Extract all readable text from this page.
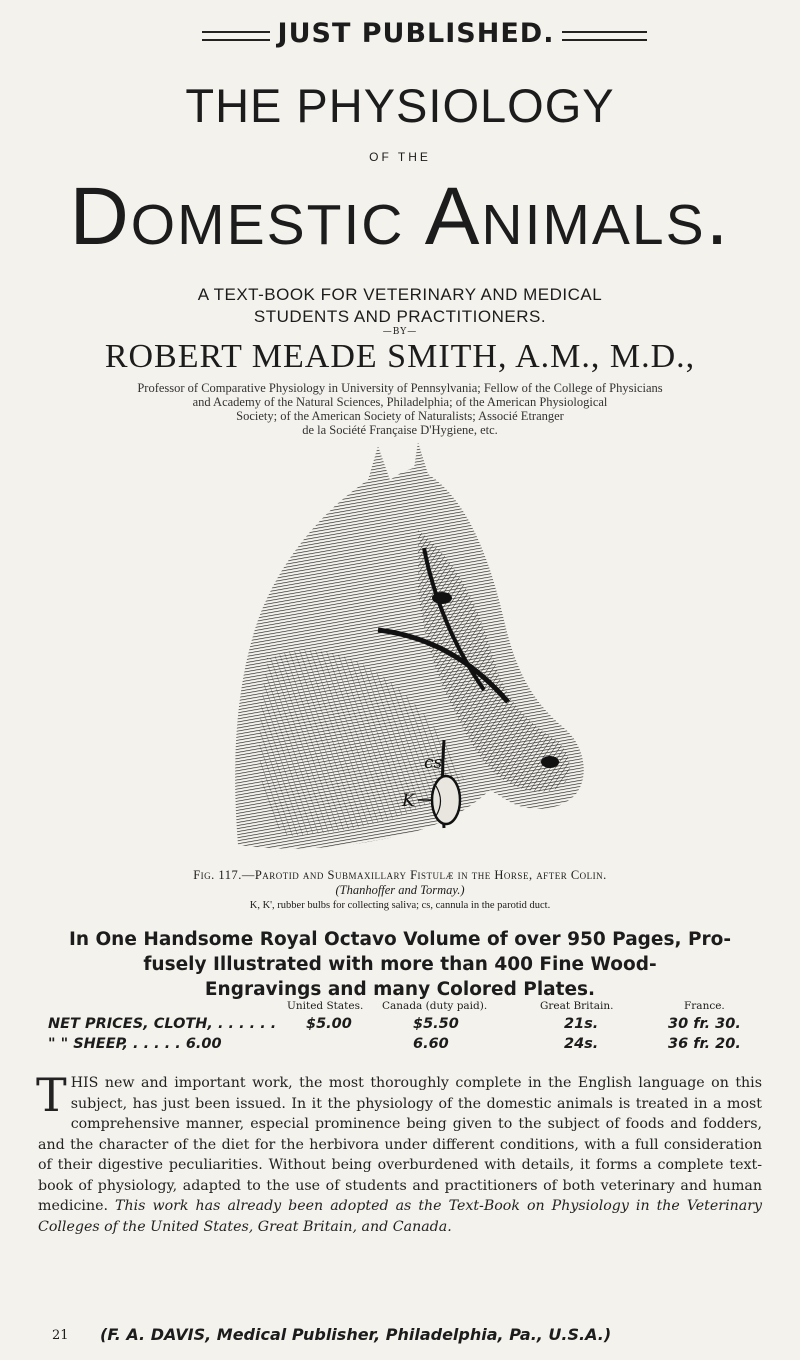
JUST PUBLISHED.
THE PHYSIOLOGY
OF THE
Domestic Animals.
A TEXT-BOOK FOR VETERINARY AND MEDICAL
STUDENTS AND PRACTITIONERS.
—BY—
ROBERT MEADE SMITH, A.M., M.D.,
Professor of Comparative Physiology in University of Pennsylvania; Fellow of the College of Physicians
and Academy of the Natural Sciences, Philadelphia; of the American Physiological
Society; of the American Society of Naturalists; Associé Etranger
de la Société Française D'Hygiene, etc.
cs
K
Fig. 117.—Parotid and Submaxillary Fistulæ in the Horse, after Colin.
(Thanhoffer and Tormay.)
K, K', rubber bulbs for collecting saliva; cs, cannula in the parotid duct.
In One Handsome Royal Octavo Volume of over 950 Pages, Pro-
fusely Illustrated with more than 400 Fine Wood-
Engravings and many Colored Plates.
United States. Canada (duty paid).	Great Britain.	France.
NET PRICES, CLOTH, . . . . . . $5.00	$5.50	21s.	30 fr. 30.
" " SHEEP, . . . . . 6.00	6.60	24s.	36 fr. 20.
THIS new and important work, the most thoroughly complete in the English language on this subject, has just been issued. In it the physiology of the domestic animals is treated in a most comprehensive manner, especial prominence being given to the subject of foods and fodders, and the character of the diet for the herbivora under different conditions, with a full consideration of their digestive peculiarities. Without being overburdened with details, it forms a complete text-book of physiology, adapted to the use of students and practitioners of both veterinary and human medicine. This work has already been adopted as the Text-Book on Physiology in the Veterinary Colleges of the United States, Great Britain, and Canada.
21 (F. A. DAVIS, Medical Publisher, Philadelphia, Pa., U.S.A.)
